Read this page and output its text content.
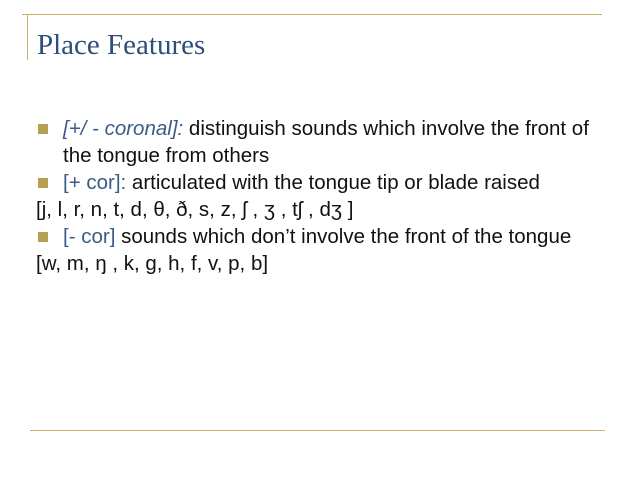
Place Features
[+/ - coronal]: distinguish sounds which involve the front of the tongue from others
[+ cor]: articulated with the tongue tip or blade raised
[j, l, r, n, t, d, θ, ð, s, z, ʃ , ʒ , tʃ , dʒ ]
[- cor] sounds which don’t involve the front of the tongue
[w, m, ŋ , k, g, h, f, v, p, b]
